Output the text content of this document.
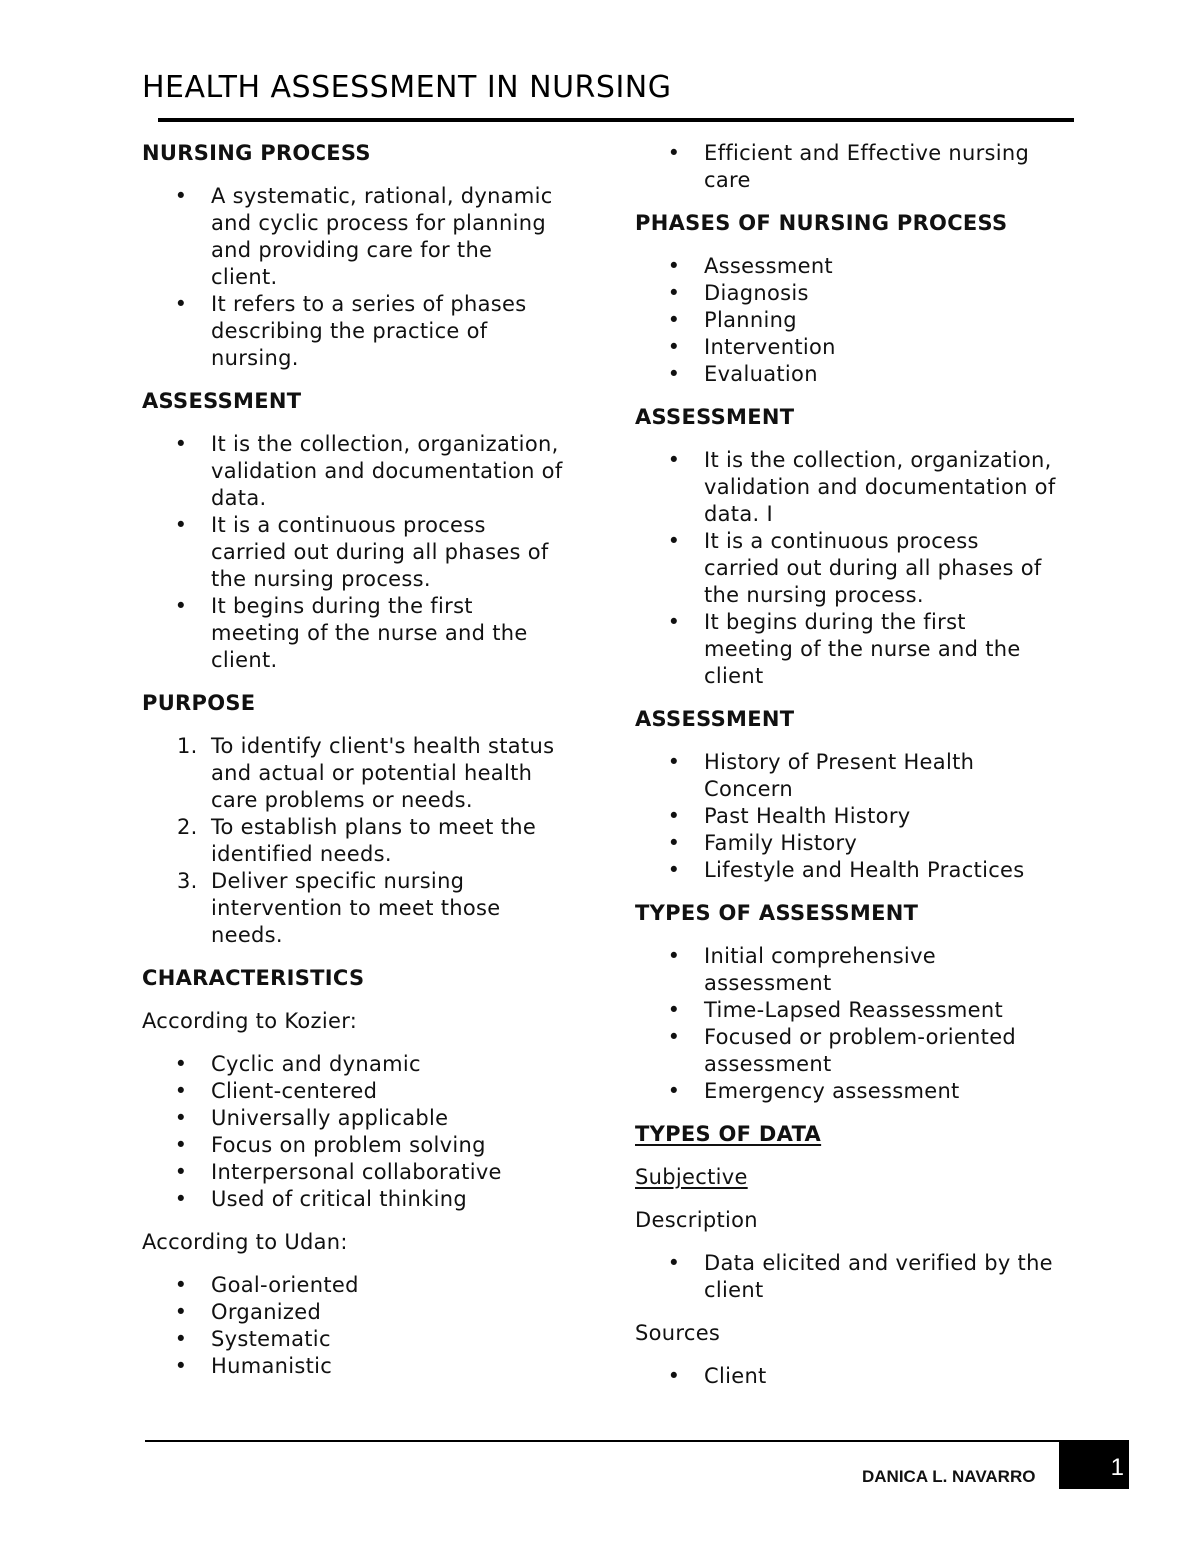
HEALTH ASSESSMENT IN NURSING
NURSING PROCESS
•
A systematic, rational, dynamic
and cyclic process for planning
and providing care for the
client.
•
It refers to a series of phases
describing the practice of
nursing.
ASSESSMENT
•
It is the collection, organization,
validation and documentation of
data.
•
It is a continuous process
carried out during all phases of
the nursing process.
•
It begins during the first
meeting of the nurse and the
client.
PURPOSE
1. To identify client's health status
and actual or potential health
care problems or needs.
2. To establish plans to meet the
identified needs.
3. Deliver specific nursing
intervention to meet those
needs.
CHARACTERISTICS
According to Kozier:
•
Cyclic and dynamic
•
Client-centered
•
Universally applicable
•
Focus on problem solving
•
Interpersonal collaborative
•
Used of critical thinking
According to Udan:
•
Goal-oriented
•
Organized
•
Systematic
•
Humanistic
•
Efficient and Effective nursing
care
PHASES OF NURSING PROCESS
•
Assessment
•
Diagnosis
•
Planning
•
Intervention
•
Evaluation
ASSESSMENT
•
It is the collection, organization,
validation and documentation of
data. I
•
It is a continuous process
carried out during all phases of
the nursing process.
•
It begins during the first
meeting of the nurse and the
client
ASSESSMENT
•
History of Present Health
Concern
•
Past Health History
•
Family History
•
Lifestyle and Health Practices
TYPES OF ASSESSMENT
•
Initial comprehensive
assessment
•
Time-Lapsed Reassessment
•
Focused or problem-oriented
assessment
•
Emergency assessment
TYPES OF DATA
Subjective
Description
•
Data elicited and verified by the
client
Sources
•
Client
DANICA L. NAVARRO	1
